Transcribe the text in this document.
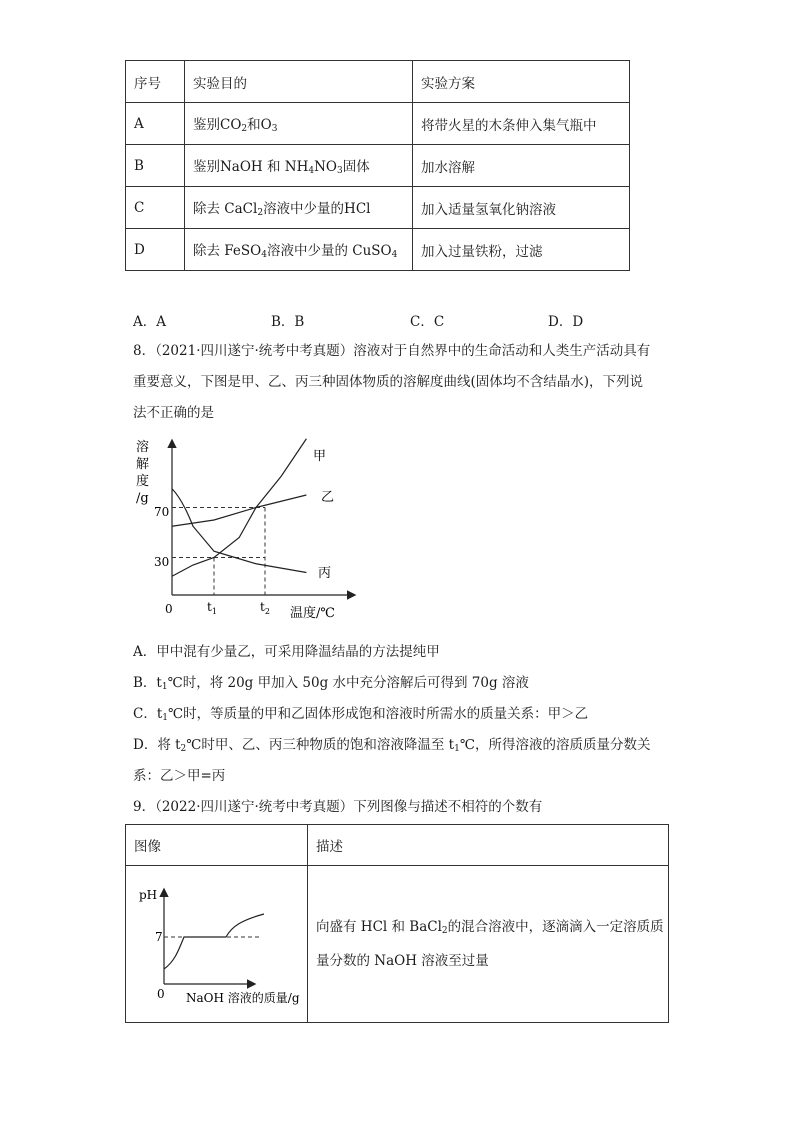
序号	实验目的	实验方案
A	鉴别$CO_2$和$O_3$	将带火星的木条伸入集气瓶中
B	鉴别NaOH 和 $NH_4NO_3$固体	加水溶解
C	除去 CaCl$_2$溶液中少量的HCl	加入适量氢氧化钠溶液
D	除去 FeSO$_4$溶液中少量的 CuSO$_4$	加入过量铁粉，过滤
A．A	B．B	C．C	D．D
8．（2021·四川遂宁·统考中考真题）溶液对于自然界中的生命活动和人类生产活动具有
重要意义，下图是甲、乙、丙三种固体物质的溶解度曲线(固体均不含结晶水)，下列说
法不正确的是
溶
解
度
/g
70
30
0	$t_1$	$t_2$ 温度/℃
甲
乙
丙
A．甲中混有少量乙，可采用降温结晶的方法提纯甲
B．$t_1℃$时，将 20g 甲加入 50g 水中充分溶解后可得到 70g 溶液
C．$t_1℃$时，等质量的甲和乙固体形成饱和溶液时所需水的质量关系：甲＞乙
D．将 $t_2℃$时甲、乙、丙三种物质的饱和溶液降温至 $t_1℃$，所得溶液的溶质质量分数关
系：乙＞甲=丙
9．（2022·四川遂宁·统考中考真题）下列图像与描述不相符的个数有
图像	描述

pH
7
0 NaOH 溶液的质量/g	向盛有 HCl 和 BaCl$_2$的混合溶液中，逐滴滴入一定溶质质
量分数的 NaOH 溶液至过量
